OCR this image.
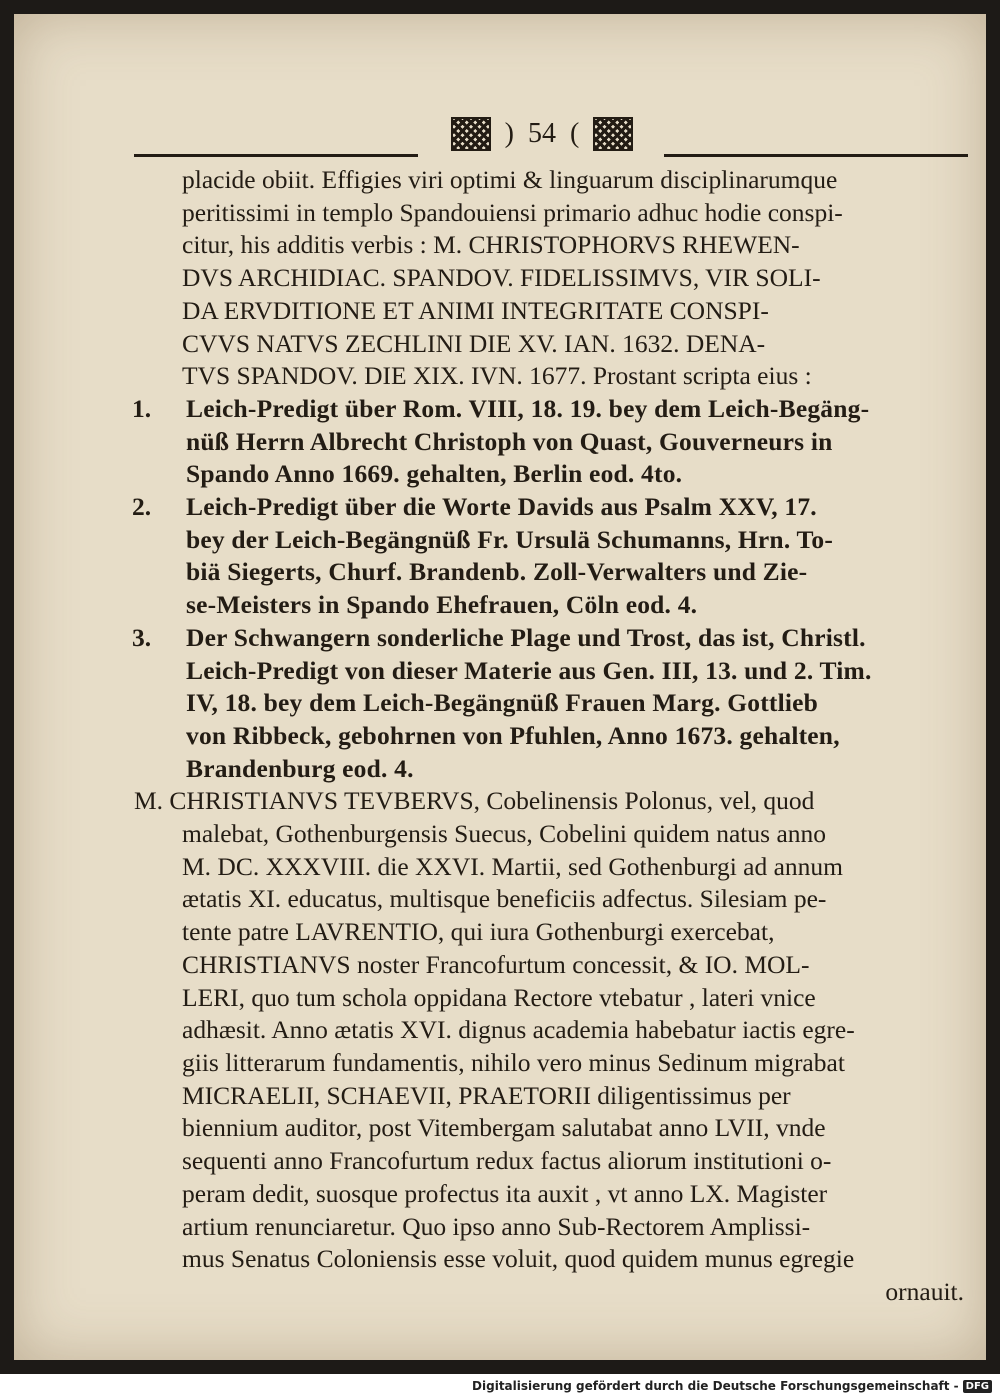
) 54 (
placide obiit. Effigies viri optimi & linguarum disciplinarumque
peritissimi in templo Spandouiensi primario adhuc hodie conspi-
citur, his additis verbis : M. CHRISTOPHORVS RHEWEN-
DVS ARCHIDIAC. SPANDOV. FIDELISSIMVS, VIR SOLI-
DA ERVDITIONE ET ANIMI INTEGRITATE CONSPI-
CVVS NATVS ZECHLINI DIE XV. IAN. 1632. DENA-
TVS SPANDOV. DIE XIX. IVN. 1677. Prostant scripta eius :
1.	Leich-Predigt über Rom. VIII, 18. 19. bey dem Leich-Begäng-
nüß Herrn Albrecht Christoph von Quast, Gouverneurs in
Spando Anno 1669. gehalten, Berlin eod. 4to.
2.	Leich-Predigt über die Worte Davids aus Psalm XXV, 17.
bey der Leich-Begängnüß Fr. Ursulä Schumanns, Hrn. To-
biä Siegerts, Churf. Brandenb. Zoll-Verwalters und Zie-
se-Meisters in Spando Ehefrauen, Cöln eod. 4.
3.	Der Schwangern sonderliche Plage und Trost, das ist, Christl.
Leich-Predigt von dieser Materie aus Gen. III, 13. und 2. Tim.
IV, 18. bey dem Leich-Begängnüß Frauen Marg. Gottlieb
von Ribbeck, gebohrnen von Pfuhlen, Anno 1673. gehalten,
Brandenburg eod. 4.
M. CHRISTIANVS TEVBERVS, Cobelinensis Polonus, vel, quod
malebat, Gothenburgensis Suecus, Cobelini quidem natus anno
M. DC. XXXVIII. die XXVI. Martii, sed Gothenburgi ad annum
ætatis XI. educatus, multisque beneficiis adfectus. Silesiam pe-
tente patre LAVRENTIO, qui iura Gothenburgi exercebat,
CHRISTIANVS noster Francofurtum concessit, & IO. MOL-
LERI, quo tum schola oppidana Rectore vtebatur , lateri vnice
adhæsit. Anno ætatis XVI. dignus academia habebatur iactis egre-
giis litterarum fundamentis, nihilo vero minus Sedinum migrabat
MICRAELII, SCHAEVII, PRAETORII diligentissimus per
biennium auditor, post Vitembergam salutabat anno LVII, vnde
sequenti anno Francofurtum redux factus aliorum institutioni o-
peram dedit, suosque profectus ita auxit , vt anno LX. Magister
artium renunciaretur. Quo ipso anno Sub-Rectorem Amplissi-
mus Senatus Coloniensis esse voluit, quod quidem munus egregie
ornauit.
Digitalisierung gefördert durch die Deutsche Forschungsgemeinschaft - DFG
